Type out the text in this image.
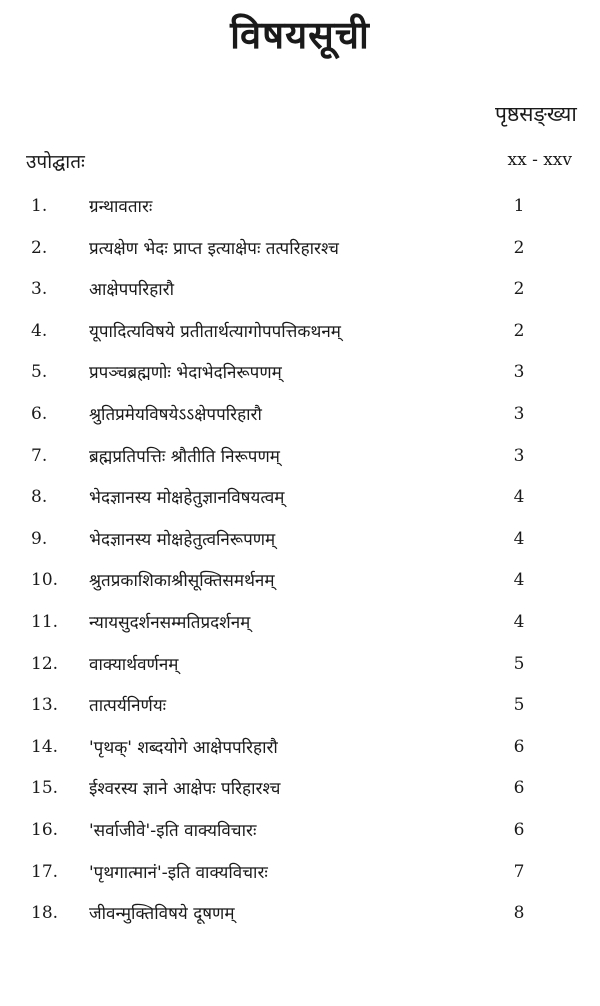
विषयसूची
पृष्ठसङ्ख्या
उपोद्घातः	xx - xxv
1. ग्रन्थावतारः	1
2. प्रत्यक्षेण भेदः प्राप्त इत्याक्षेपः तत्परिहारश्च	2
3. आक्षेपपरिहारौ	2
4. यूपादित्यविषये प्रतीतार्थत्यागोपपत्तिकथनम्	2
5. प्रपञ्चब्रह्मणोः भेदाभेदनिरूपणम्	3
6. श्रुतिप्रमेयविषयेऽऽक्षेपपरिहारौ	3
7. ब्रह्मप्रतिपत्तिः श्रौतीति निरूपणम्	3
8. भेदज्ञानस्य मोक्षहेतुज्ञानविषयत्वम्	4
9. भेदज्ञानस्य मोक्षहेतुत्वनिरूपणम्	4
10. श्रुतप्रकाशिकाश्रीसूक्तिसमर्थनम्	4
11. न्यायसुदर्शनसम्मतिप्रदर्शनम्	4
12. वाक्यार्थवर्णनम्	5
13. तात्पर्यनिर्णयः	5
14. 'पृथक्' शब्दयोगे आक्षेपपरिहारौ	6
15. ईश्वरस्य ज्ञाने आक्षेपः परिहारश्च	6
16. 'सर्वाजीवे'-इति वाक्यविचारः	6
17. 'पृथगात्मानं'-इति वाक्यविचारः	7
18. जीवन्मुक्तिविषये दूषणम्	8
